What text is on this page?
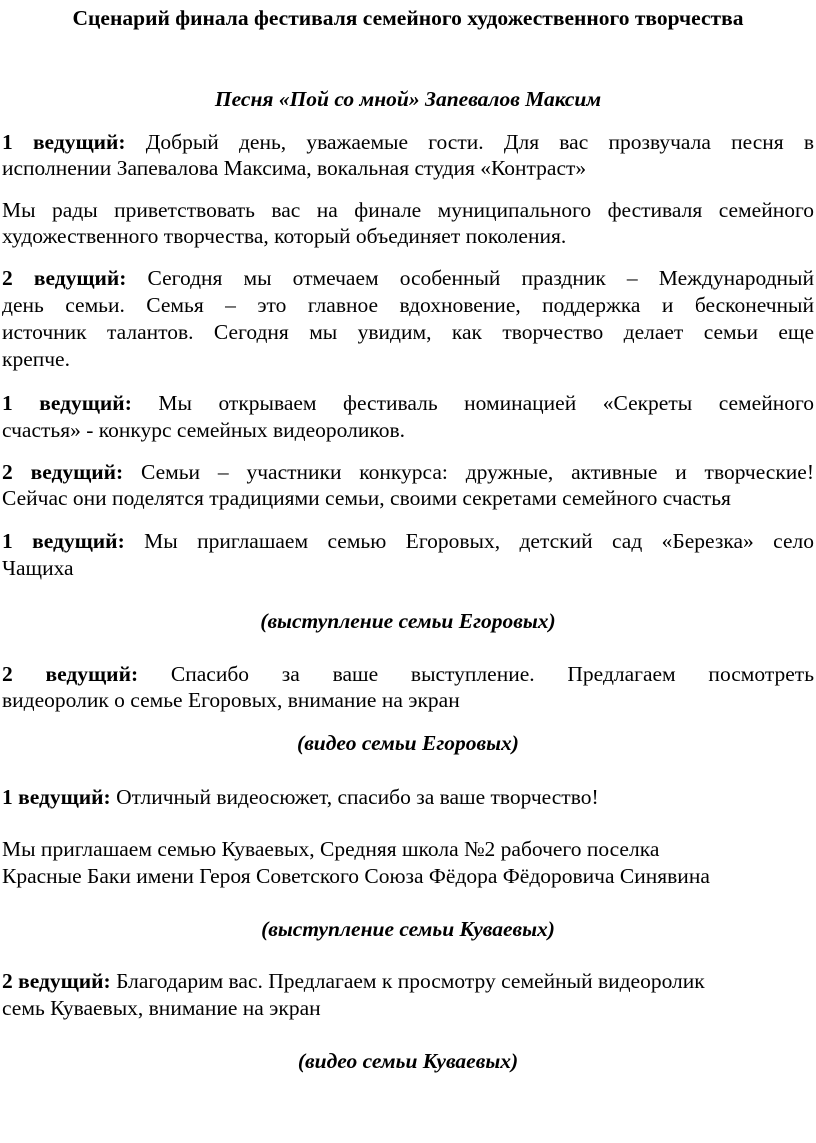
Сценарий финала фестиваля семейного художественного творчества
Песня «Пой со мной» Запевалов Максим
1 ведущий: Добрый день, уважаемые гости. Для вас прозвучала песня в
исполнении Запевалова Максима, вокальная студия «Контраст»
Мы рады приветствовать вас на финале муниципального фестиваля семейного
художественного творчества, который объединяет поколения.
2 ведущий: Сегодня мы отмечаем особенный праздник – Международный
день семьи. Семья – это главное вдохновение, поддержка и бесконечный
источник талантов. Сегодня мы увидим, как творчество делает семьи еще
крепче.
1 ведущий: Мы открываем фестиваль номинацией «Секреты семейного
счастья» - конкурс семейных видеороликов.
2 ведущий: Семьи – участники конкурса: дружные, активные и творческие!
Сейчас они поделятся традициями семьи, своими секретами семейного счастья
1 ведущий: Мы приглашаем семью Егоровых, детский сад «Березка» село
Чащиха
(выступление семьи Егоровых)
2 ведущий: Спасибо за ваше выступление. Предлагаем посмотреть
видеоролик о семье Егоровых, внимание на экран
(видео семьи Егоровых)
1 ведущий: Отличный видеосюжет, спасибо за ваше творчество!
Мы приглашаем семью Куваевых, Средняя школа №2 рабочего поселка
Красные Баки имени Героя Советского Союза Фёдора Фёдоровича Синявина
(выступление семьи Куваевых)
2 ведущий: Благодарим вас. Предлагаем к просмотру семейный видеоролик
семь Куваевых, внимание на экран
(видео семьи Куваевых)
